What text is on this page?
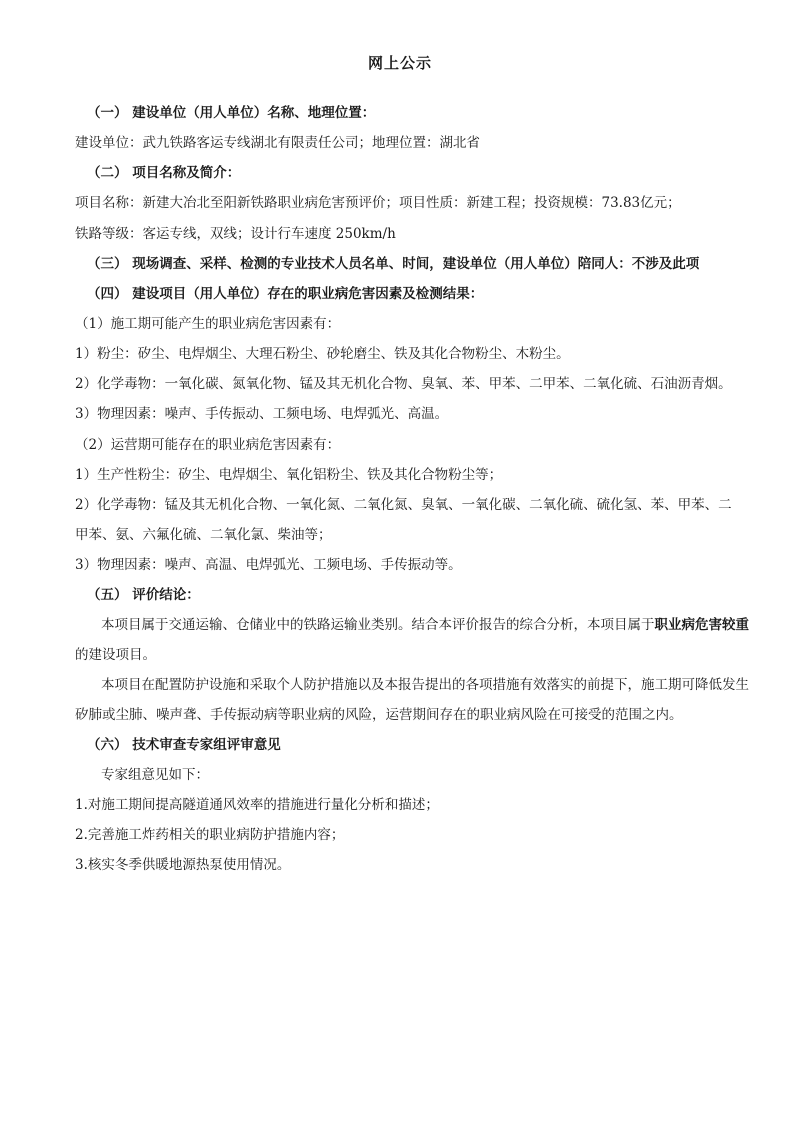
网上公示
（一） 建设单位（用人单位）名称、地理位置：
建设单位：武九铁路客运专线湖北有限责任公司；地理位置：湖北省
（二） 项目名称及简介：
项目名称：新建大冶北至阳新铁路职业病危害预评价；项目性质：新建工程；投资规模：73.83亿元；
铁路等级：客运专线，双线；设计行车速度 250km/h
（三） 现场调查、采样、检测的专业技术人员名单、时间，建设单位（用人单位）陪同人：不涉及此项
（四） 建设项目（用人单位）存在的职业病危害因素及检测结果：
（1）施工期可能产生的职业病危害因素有：
1）粉尘：矽尘、电焊烟尘、大理石粉尘、砂轮磨尘、铁及其化合物粉尘、木粉尘。
2）化学毒物：一氧化碳、氮氧化物、锰及其无机化合物、臭氧、苯、甲苯、二甲苯、二氧化硫、石油沥青烟。
3）物理因素：噪声、手传振动、工频电场、电焊弧光、高温。
（2）运营期可能存在的职业病危害因素有：
1）生产性粉尘：矽尘、电焊烟尘、氧化铝粉尘、铁及其化合物粉尘等；
2）化学毒物：锰及其无机化合物、一氧化氮、二氧化氮、臭氧、一氧化碳、二氧化硫、硫化氢、苯、甲苯、二
甲苯、氨、六氟化硫、二氧化氯、柴油等；
3）物理因素：噪声、高温、电焊弧光、工频电场、手传振动等。
（五） 评价结论：
本项目属于交通运输、仓储业中的铁路运输业类别。结合本评价报告的综合分析，本项目属于职业病危害较重
的建设项目。
本项目在配置防护设施和采取个人防护措施以及本报告提出的各项措施有效落实的前提下，施工期可降低发生
矽肺或尘肺、噪声聋、手传振动病等职业病的风险，运营期间存在的职业病风险在可接受的范围之内。
（六） 技术审查专家组评审意见
专家组意见如下：
1.对施工期间提高隧道通风效率的措施进行量化分析和描述；
2.完善施工炸药相关的职业病防护措施内容；
3.核实冬季供暖地源热泵使用情况。
